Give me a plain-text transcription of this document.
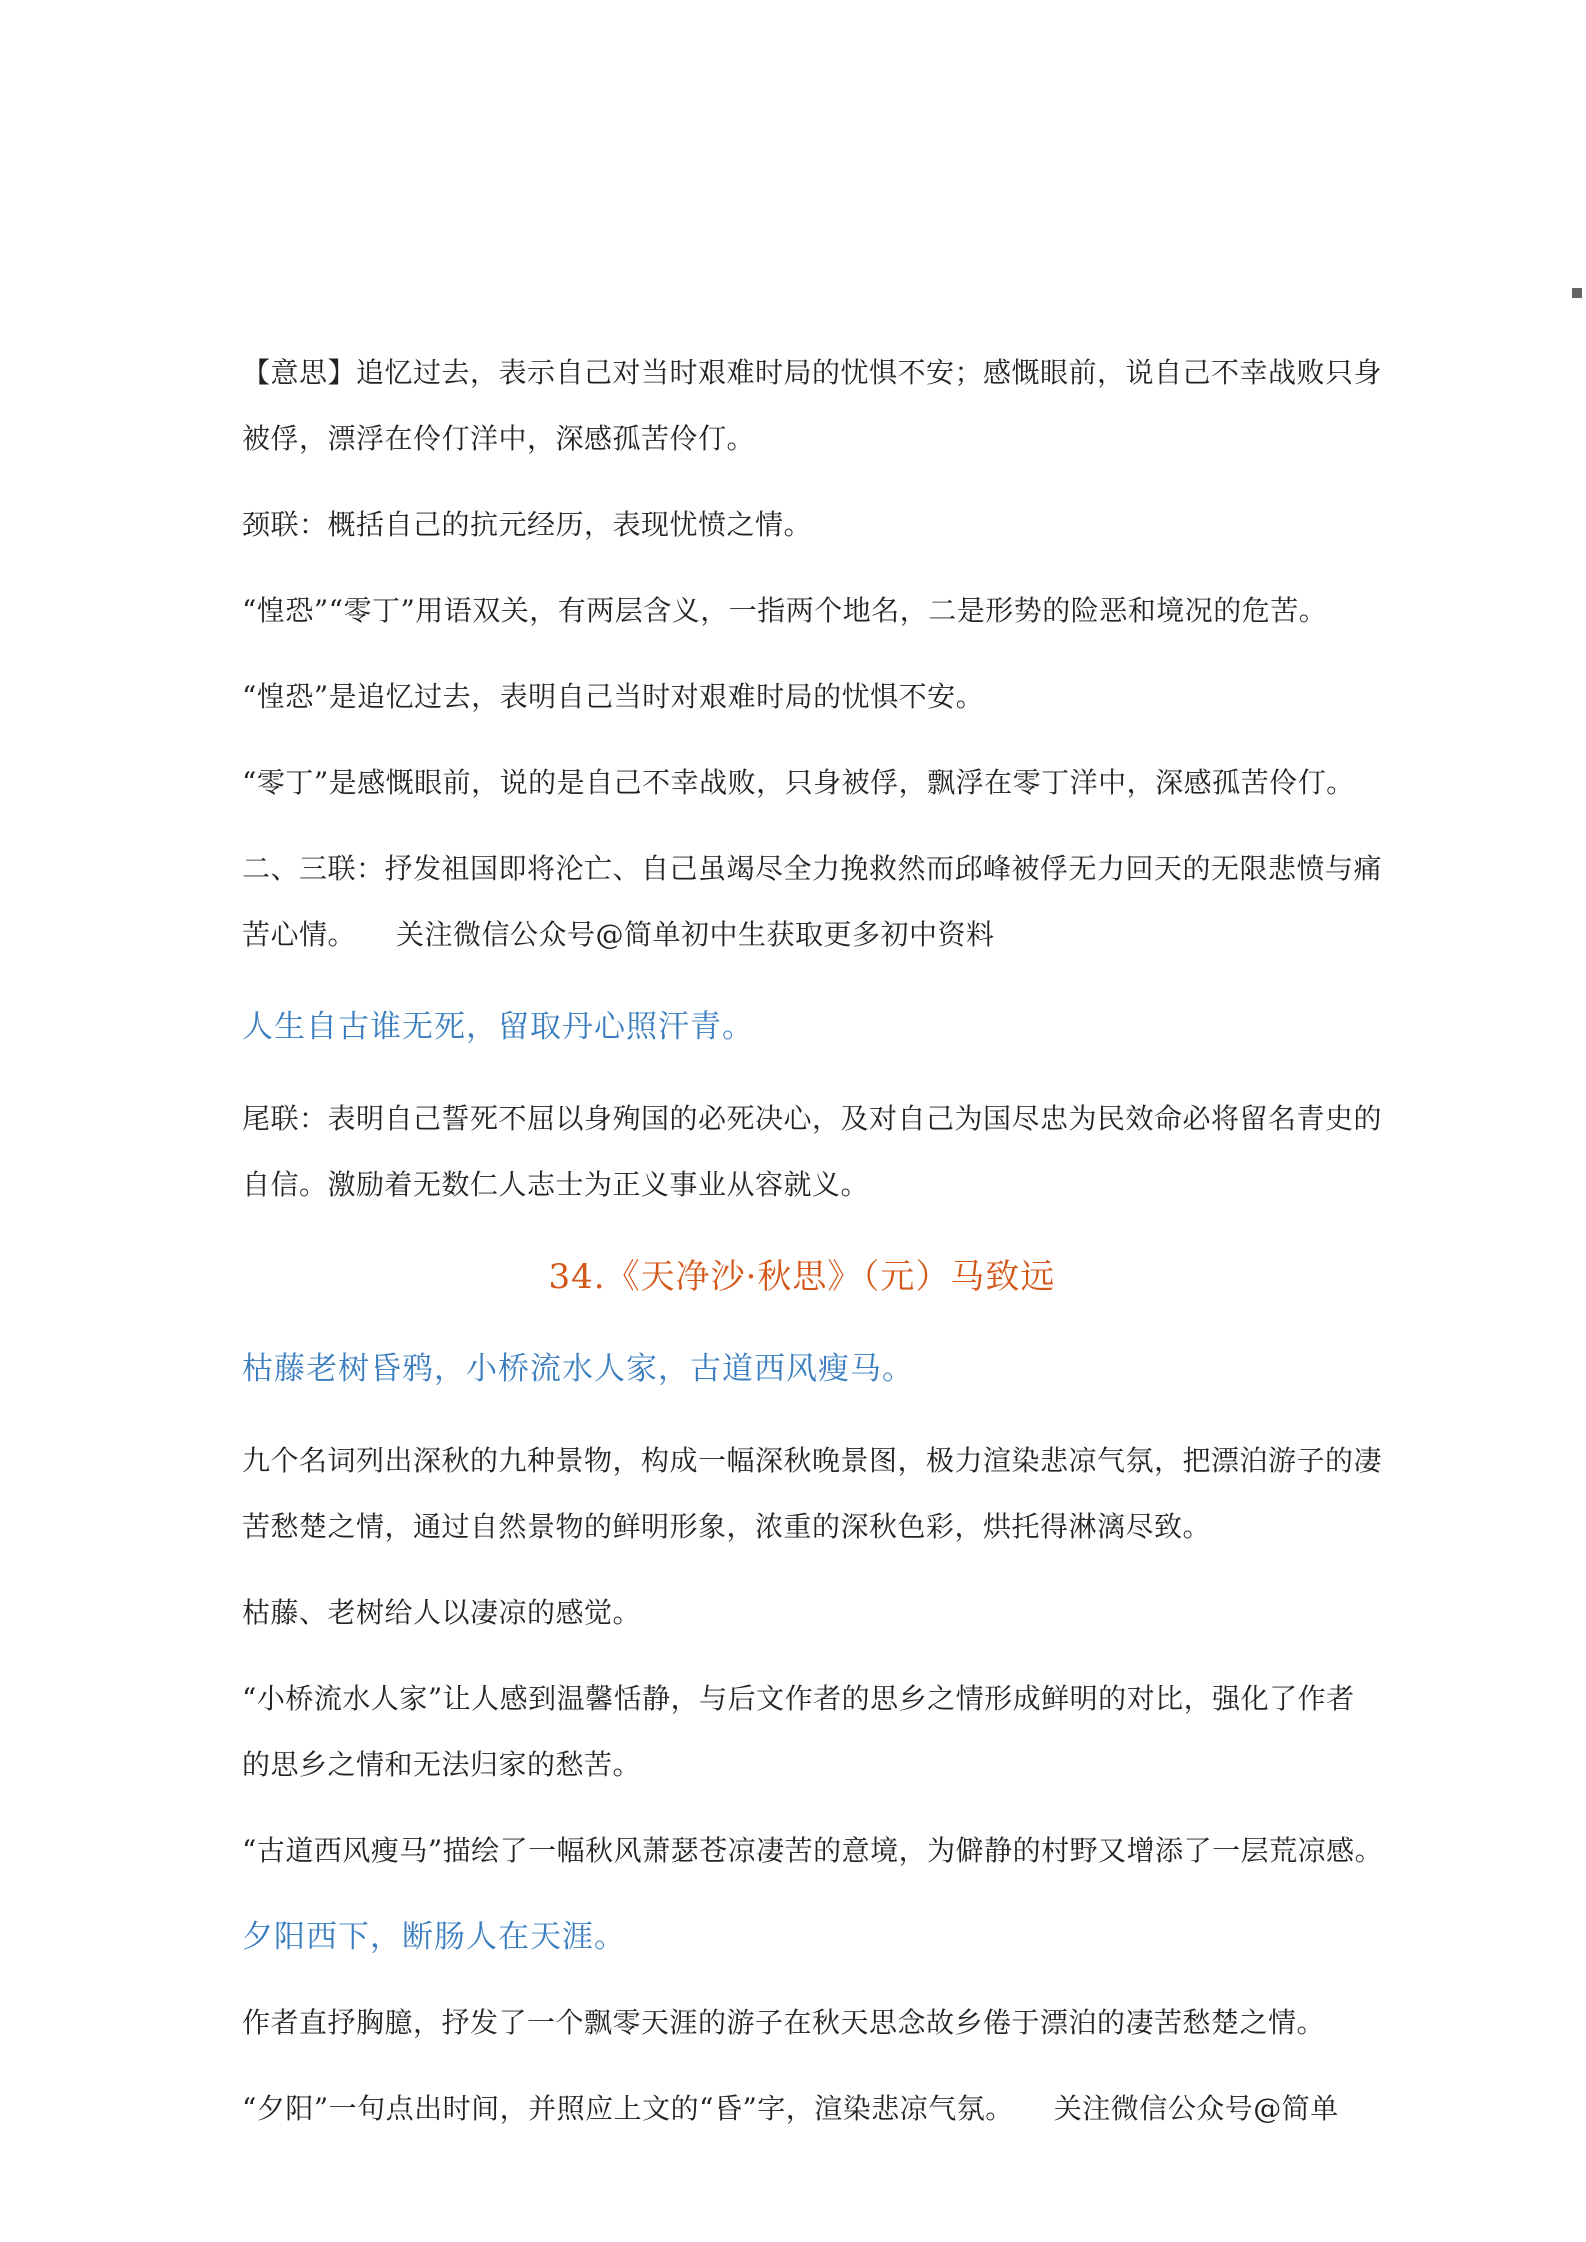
【意思】追忆过去，表示自己对当时艰难时局的忧惧不安；感慨眼前，说自己不幸战败只身
被俘，漂浮在伶仃洋中，深感孤苦伶仃。

颈联：概括自己的抗元经历，表现忧愤之情。

“惶恐”“零丁”用语双关，有两层含义，一指两个地名，二是形势的险恶和境况的危苦。

“惶恐”是追忆过去，表明自己当时对艰难时局的忧惧不安。

“零丁”是感慨眼前，说的是自己不幸战败，只身被俘，飘浮在零丁洋中，深感孤苦伶仃。

二、三联：抒发祖国即将沦亡、自己虽竭尽全力挽救然而邱峰被俘无力回天的无限悲愤与痛
苦心情。 关注微信公众号@简单初中生获取更多初中资料

人生自古谁无死，留取丹心照汗青。

尾联：表明自己誓死不屈以身殉国的必死决心，及对自己为国尽忠为民效命必将留名青史的
自信。激励着无数仁人志士为正义事业从容就义。

34.《天净沙·秋思》（元）马致远

枯藤老树昏鸦，小桥流水人家，古道西风瘦马。

九个名词列出深秋的九种景物，构成一幅深秋晚景图，极力渲染悲凉气氛，把漂泊游子的凄
苦愁楚之情，通过自然景物的鲜明形象，浓重的深秋色彩，烘托得淋漓尽致。

枯藤、老树给人以凄凉的感觉。

“小桥流水人家”让人感到温馨恬静，与后文作者的思乡之情形成鲜明的对比，强化了作者
的思乡之情和无法归家的愁苦。

“古道西风瘦马”描绘了一幅秋风萧瑟苍凉凄苦的意境，为僻静的村野又增添了一层荒凉感。

夕阳西下，断肠人在天涯。

作者直抒胸臆，抒发了一个飘零天涯的游子在秋天思念故乡倦于漂泊的凄苦愁楚之情。

“夕阳”一句点出时间，并照应上文的“昏”字，渲染悲凉气氛。 关注微信公众号@简单
